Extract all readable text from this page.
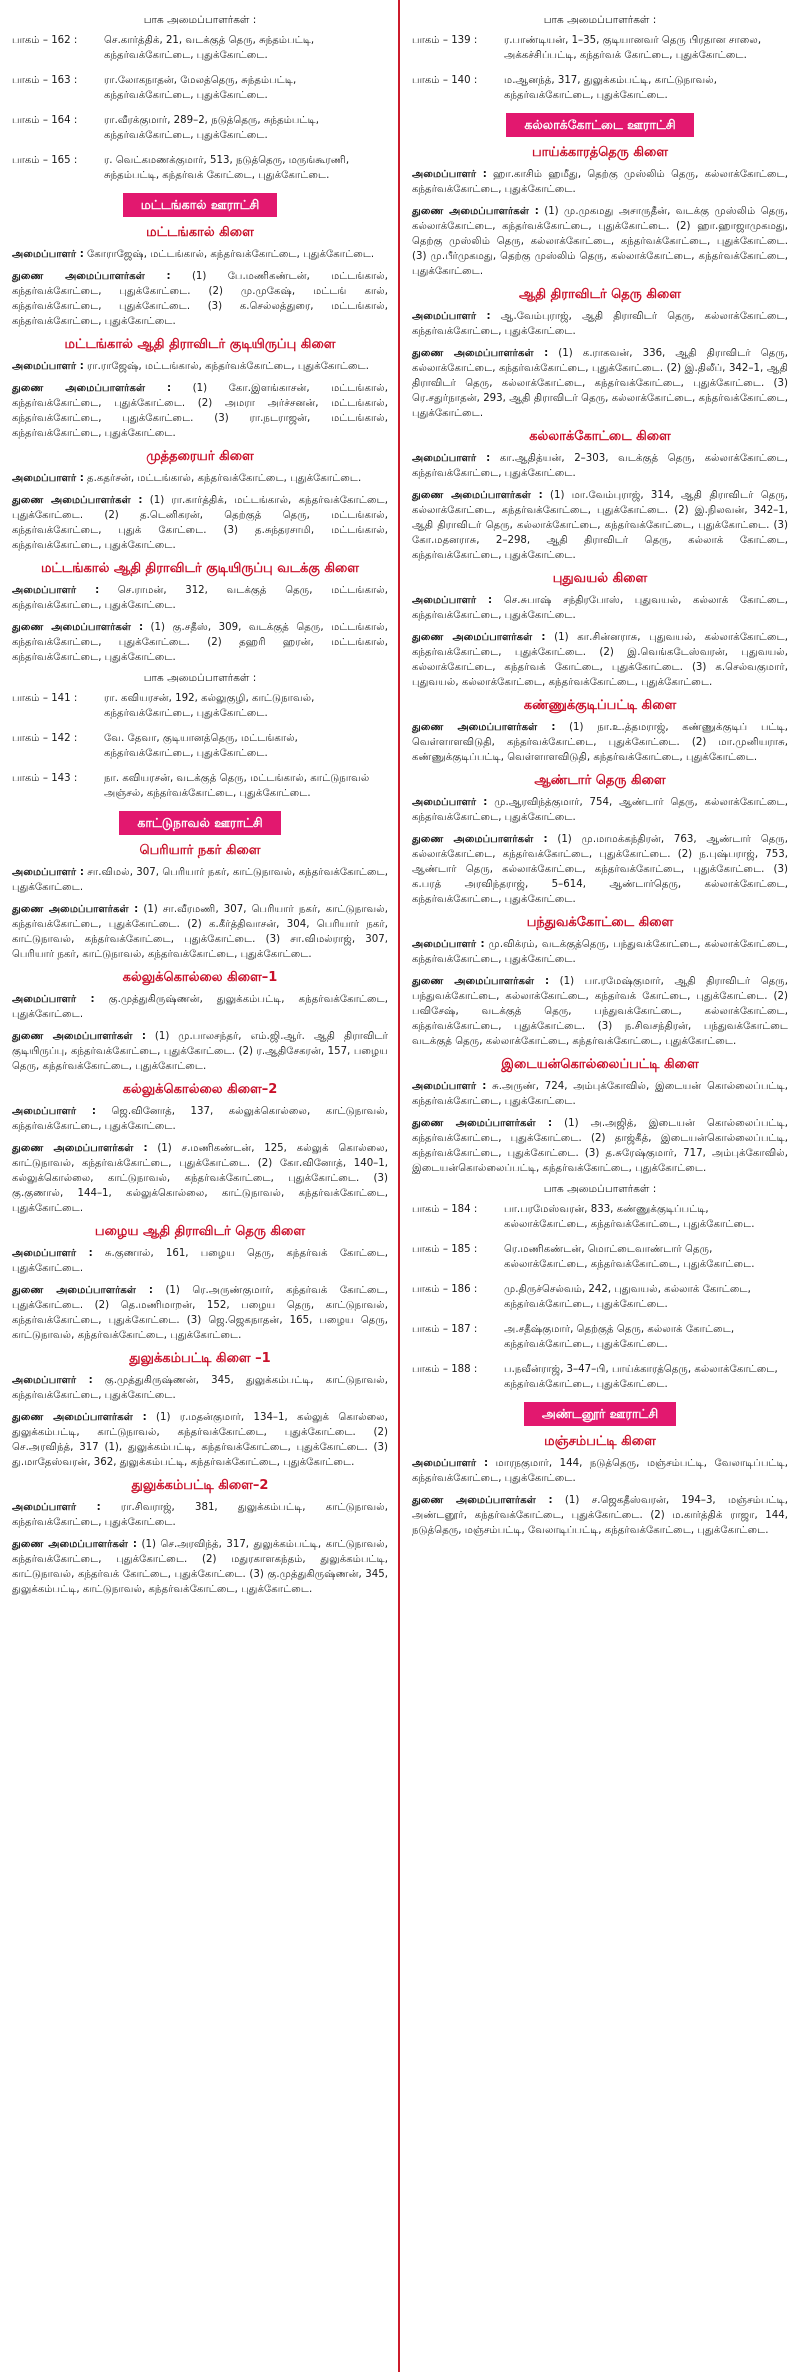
பாக அமைப்பாளர்கள் :
பாகம் – 162 :	செ.கார்த்திக், 21, வடக்குத் தெரு, சுந்தம்பட்டி, கந்தர்வக்கோட்டை, புதுக்கோட்டை.
பாகம் – 163 :	ரா.லோகநாதன், மேலத்தெரு, சுந்தம்பட்டி, கந்தர்வக்கோட்டை, புதுக்கோட்டை.
பாகம் – 164 :	ரா.வீரக்குமார், 289–2, நடுத்தெரு, சுந்தம்பட்டி, கந்தர்வக்கோட்டை, புதுக்கோட்டை.
பாகம் – 165 :	ர. வெட்கமணக்குமார், 513, நடுத்தெரு, மருங்கூரணி, சுந்தம்பட்டி, கந்தர்வக் கோட்டை, புதுக்கோட்டை.
மட்டங்கால் ஊராட்சி
மட்டங்கால் கிளை
அமைப்பாளர் : கோராஜேஷ், மட்டங்கால், கந்தர்வக்கோட்டை, புதுக்கோட்டை.
துணை அமைப்பாளர்கள் : (1) பே.மணிகண்டன், மட்டங்கால், கந்தர்வக்கோட்டை, புதுக்கோட்டை. (2) மு.முகேஷ், மட்டங் கால், கந்தர்வக்கோட்டை, புதுக்கோட்டை. (3) க.செல்லத்துரை, மட்டங்கால், கந்தர்வக்கோட்டை, புதுக்கோட்டை.
மட்டங்கால் ஆதி திராவிடர் குடியிருப்பு கிளை
அமைப்பாளர் : ரா.ராஜேஷ், மட்டங்கால், கந்தர்வக்கோட்டை, புதுக்கோட்டை.
துணை அமைப்பாளர்கள் : (1) கோ.இளங்காசன், மட்டங்கால், கந்தர்வக்கோட்டை, புதுக்கோட்டை. (2) அமரா அர்ச்சனன், மட்டங்கால், கந்தர்வக்கோட்டை, புதுக்கோட்டை. (3) ரா.நடராஜன், மட்டங்கால், கந்தர்வக்கோட்டை, புதுக்கோட்டை.
முத்தரையர் கிளை
அமைப்பாளர் : த.கதர்சன், மட்டங்கால், கந்தர்வக்கோட்டை, புதுக்கோட்டை.
துணை அமைப்பாளர்கள் : (1) ரா.கார்த்திக், மட்டங்கால், கந்தர்வக்கோட்டை, புதுக்கோட்டை. (2) த.டெனிகரன், தெற்குத் தெரு, மட்டங்கால், கந்தர்வக்கோட்டை, புதுக் கோட்டை. (3) த.சுந்தரசாமி, மட்டங்கால், கந்தர்வக்கோட்டை, புதுக்கோட்டை.
மட்டங்கால் ஆதி திராவிடர் குடியிருப்பு வடக்கு கிளை
அமைப்பாளர் : செ.ராமன், 312, வடக்குத் தெரு, மட்டங்கால், கந்தர்வக்கோட்டை, புதுக்கோட்டை.
துணை அமைப்பாளர்கள் : (1) கு.சதீஸ், 309, வடக்குத் தெரு, மட்டங்கால், கந்தர்வக்கோட்டை, புதுக்கோட்டை. (2) தஹரி ஹரன், மட்டங்கால், கந்தர்வக்கோட்டை, புதுக்கோட்டை.
பாக அமைப்பாளர்கள் :
பாகம் – 141 :	ரா. கவியரசன், 192, கல்லுகுழி, காட்டுநாவல், கந்தர்வக்கோட்டை, புதுக்கோட்டை.
பாகம் – 142 :	வே. தேவா, குடியானத்தெரு, மட்டங்கால், கந்தர்வக்கோட்டை, புதுக்கோட்டை.
பாகம் – 143 :	நா. கவியரசன், வடக்குத் தெரு, மட்டங்கால், காட்டுநாவல் அஞ்சல், கந்தர்வக்கோட்டை, புதுக்கோட்டை.
காட்டுநாவல் ஊராட்சி
பெரியார் நகர் கிளை
அமைப்பாளர் : சா.விமல், 307, பெரியார் நகர், காட்டுநாவல், கந்தர்வக்கோட்டை, புதுக்கோட்டை.
துணை அமைப்பாளர்கள் : (1) சா.வீரமணி, 307, பெரியார் நகர், காட்டுநாவல், கந்தர்வக்கோட்டை, புதுக்கோட்டை. (2) க.கீர்த்திவாசன், 304, பெரியார் நகர், காட்டுநாவல், கந்தர்வக்கோட்டை, புதுக்கோட்டை. (3) சா.விமல்ராஜ், 307, பெரியார் நகர், காட்டுநாவல், கந்தர்வக்கோட்டை, புதுக்கோட்டை.
கல்லுக்கொல்லை கிளை–1
அமைப்பாளர் : கு.முத்துகிருஷ்ணன், துலுக்கம்பட்டி, கந்தர்வக்கோட்டை, புதுக்கோட்டை.
துணை அமைப்பாளர்கள் : (1) மு.பாலசந்தர், எம்.ஜி.ஆர். ஆதி திராவிடர் குடியிருப்பு, கந்தர்வக்கோட்டை, புதுக்கோட்டை. (2) ர.ஆதிசேகரன், 157, பழைய தெரு, கந்தர்வக்கோட்டை, புதுக்கோட்டை.
கல்லுக்கொல்லை கிளை–2
அமைப்பாளர் : ஜெ.வினோத், 137, கல்லுக்கொல்லை, காட்டுநாவல், கந்தர்வக்கோட்டை, புதுக்கோட்டை.
துணை அமைப்பாளர்கள் : (1) ச.மணிகண்டன், 125, கல்லுக் கொல்லை, காட்டுநாவல், கந்தர்வக்கோட்டை, புதுக்கோட்டை. (2) கோ.வினோத், 140–1, கல்லுக்கொல்லை, காட்டுநாவல், கந்தர்வக்கோட்டை, புதுக்கோட்டை. (3) கு.குணால், 144–1, கல்லுக்கொல்லை, காட்டுநாவல், கந்தர்வக்கோட்டை, புதுக்கோட்டை.
பழைய ஆதி திராவிடர் தெரு கிளை
அமைப்பாளர் : சு.குணால், 161, பழைய தெரு, கந்தர்வக் கோட்டை, புதுக்கோட்டை.
துணை அமைப்பாளர்கள் : (1) ரெ.அருண்குமார், கந்தர்வக் கோட்டை, புதுக்கோட்டை. (2) தெ.மணிமாறன், 152, பழைய தெரு, காட்டுநாவல், கந்தர்வக்கோட்டை, புதுக்கோட்டை. (3) ஜெ.ஜெகநாதன், 165, பழைய தெரு, காட்டுநாவல், கந்தர்வக்கோட்டை, புதுக்கோட்டை.
துலுக்கம்பட்டி கிளை –1
அமைப்பாளர் : கு.முத்துகிருஷ்ணன், 345, துலுக்கம்பட்டி, காட்டுநாவல், கந்தர்வக்கோட்டை, புதுக்கோட்டை.
துணை அமைப்பாளர்கள் : (1) ர.மதன்குமார், 134–1, கல்லுக் கொல்லை, துலுக்கம்பட்டி, காட்டுநாவல், கந்தர்வக்கோட்டை, புதுக்கோட்டை. (2) செ.அரவிந்த், 317 (1), துலுக்கம்பட்டி, கந்தர்வக்கோட்டை, புதுக்கோட்டை. (3) து.மாதேஸ்வரன், 362, துலுக்கம்பட்டி, கந்தர்வக்கோட்டை, புதுக்கோட்டை.
துலுக்கம்பட்டி கிளை–2
அமைப்பாளர் : ரா.சிவராஜ், 381, துலுக்கம்பட்டி, காட்டுநாவல், கந்தர்வக்கோட்டை, புதுக்கோட்டை.
துணை அமைப்பாளர்கள் : (1) செ.அரவிந்த், 317, துலுக்கம்பட்டி, காட்டுநாவல், கந்தர்வக்கோட்டை, புதுக்கோட்டை. (2) மதுரகாளகந்தம், துலுக்கம்பட்டி, காட்டுநாவல், கந்தர்வக் கோட்டை, புதுக்கோட்டை. (3) கு.முத்துகிருஷ்ணன், 345, துலுக்கம்பட்டி, காட்டுநாவல், கந்தர்வக்கோட்டை, புதுக்கோட்டை.
பாக அமைப்பாளர்கள் :
பாகம் – 139 :	ர.பாண்டியன், 1–35, குடியானவர் தெரு பிரதான சாலை, அக்கச்சிப்பட்டி, கந்தர்வக் கோட்டை, புதுக்கோட்டை.
பாகம் – 140 :	ம.ஆனந்த், 317, துலுக்கம்பட்டி, காட்டுநாவல், கந்தர்வக்கோட்டை, புதுக்கோட்டை.
கல்லாக்கோட்டை ஊராட்சி
பாய்க்காரத்தெரு கிளை
அமைப்பாளர் : ஹா.காசிம் ஹமீது, தெற்கு முஸ்லிம் தெரு, கல்லாக்கோட்டை, கந்தர்வக்கோட்டை, புதுக்கோட்டை.
துணை அமைப்பாளர்கள் : (1) மு.முகமது அசாருதீன், வடக்கு முஸ்லிம் தெரு, கல்லாக்கோட்டை, கந்தர்வக்கோட்டை, புதுக்கோட்டை. (2) ஹா.ஹாஜாமுகமது, தெற்கு முஸ்லிம் தெரு, கல்லாக்கோட்டை, கந்தர்வக்கோட்டை, புதுக்கோட்டை. (3) மு.பீர்முகமது, தெற்கு முஸ்லிம் தெரு, கல்லாக்கோட்டை, கந்தர்வக்கோட்டை, புதுக்கோட்டை.
ஆதி திராவிடர் தெரு கிளை
அமைப்பாளர் : ஆ.வேம்புராஜ், ஆதி திராவிடர் தெரு, கல்லாக்கோட்டை, கந்தர்வக்கோட்டை, புதுக்கோட்டை.
துணை அமைப்பாளர்கள் : (1) க.ராகவன், 336, ஆதி திராவிடர் தெரு, கல்லாக்கோட்டை, கந்தர்வக்கோட்டை, புதுக்கோட்டை. (2) இ.திலீப், 342–1, ஆதி திராவிடர் தெரு, கல்லாக்கோட்டை, கந்தர்வக்கோட்டை, புதுக்கோட்டை. (3) ரெ.சதுர்நாதன், 293, ஆதி திராவிடர் தெரு, கல்லாக்கோட்டை, கந்தர்வக்கோட்டை, புதுக்கோட்டை.
கல்லாக்கோட்டை கிளை
அமைப்பாளர் : கா.ஆதித்யன், 2–303, வடக்குத் தெரு, கல்லாக்கோட்டை, கந்தர்வக்கோட்டை, புதுக்கோட்டை.
துணை அமைப்பாளர்கள் : (1) மா.வேம்புராஜ், 314, ஆதி திராவிடர் தெரு, கல்லாக்கோட்டை, கந்தர்வக்கோட்டை, புதுக்கோட்டை. (2) இ.நிலவன், 342–1, ஆதி திராவிடர் தெரு, கல்லாக்கோட்டை, கந்தர்வக்கோட்டை, புதுக்கோட்டை. (3) கோ.மதனராசு, 2–298, ஆதி திராவிடர் தெரு, கல்லாக் கோட்டை, கந்தர்வக்கோட்டை, புதுக்கோட்டை.
புதுவயல் கிளை
அமைப்பாளர் : செ.சுபாஷ் சந்திரபோஸ், புதுவயல், கல்லாக் கோட்டை, கந்தர்வக்கோட்டை, புதுக்கோட்டை.
துணை அமைப்பாளர்கள் : (1) கா.சின்னராசு, புதுவயல், கல்லாக்கோட்டை, கந்தர்வக்கோட்டை, புதுக்கோட்டை. (2) இ.வெங்கடேஸ்வரன், புதுவயல், கல்லாக்கோட்டை, கந்தர்வக் கோட்டை, புதுக்கோட்டை. (3) க.செல்வகுமார், புதுவயல், கல்லாக்கோட்டை, கந்தர்வக்கோட்டை, புதுக்கோட்டை.
கண்ணுக்குடிப்பட்டி கிளை
துணை அமைப்பாளர்கள் : (1) நா.உ.த்தமராஜ், கண்ணுக்குடிப் பட்டி, வெள்ளாளவிடுதி, கந்தர்வக்கோட்டை, புதுக்கோட்டை. (2) மா.முனியராசு, கண்ணுக்குடிப்பட்டி, வெள்ளாளவிடுதி, கந்தர்வக்கோட்டை, புதுக்கோட்டை.
ஆண்டார் தெரு கிளை
அமைப்பாளர் : மு.ஆரவிந்த்குமார், 754, ஆண்டார் தெரு, கல்லாக்கோட்டை, கந்தர்வக்கோட்டை, புதுக்கோட்டை.
துணை அமைப்பாளர்கள் : (1) மு.மாமக்கந்திரன், 763, ஆண்டார் தெரு, கல்லாக்கோட்டை, கந்தர்வக்கோட்டை, புதுக்கோட்டை. (2) ந.புஷ்பராஜ், 753, ஆண்டார் தெரு, கல்லாக்கோட்டை, கந்தர்வக்கோட்டை, புதுக்கோட்டை. (3) க.பரத் அரவிந்தராஜ், 5–614, ஆண்டார்தெரு, கல்லாக்கோட்டை, கந்தர்வக்கோட்டை, புதுக்கோட்டை.
பந்துவக்கோட்டை கிளை
அமைப்பாளர் : மு.விக்ரம், வடக்குத்தெரு, பந்துவக்கோட்டை, கல்லாக்கோட்டை, கந்தர்வக்கோட்டை, புதுக்கோட்டை.
துணை அமைப்பாளர்கள் : (1) பா.ரமேஷ்குமார், ஆதி திராவிடர் தெரு, பந்துவக்கோட்டை, கல்லாக்கோட்டை, கந்தர்வக் கோட்டை, புதுக்கோட்டை. (2) பவிசேஷ், வடக்குத் தெரு, பந்துவக்கோட்டை, கல்லாக்கோட்டை, கந்தர்வக்கோட்டை, புதுக்கோட்டை. (3) ந.சிவசந்திரன், பந்துவக்கோட்டை வடக்குத் தெரு, கல்லாக்கோட்டை, கந்தர்வக்கோட்டை, புதுக்கோட்டை.
இடையன்கொல்லைப்பட்டி கிளை
அமைப்பாளர் : சு.அருண், 724, அம்புக்கோவில், இடையன் கொல்லைப்பட்டி, கந்தர்வக்கோட்டை, புதுக்கோட்டை.
துணை அமைப்பாளர்கள் : (1) அ.அஜித், இடையன் கொல்லைப்பட்டி, கந்தர்வக்கோட்டை, புதுக்கோட்டை. (2) தாஜ்கீத், இடையன்கொல்லைப்பட்டி, கந்தர்வக்கோட்டை, புதுக்கோட்டை. (3) த.சுரேஷ்குமார், 717, அம்புக்கோவில், இடையன்கொல்லைப்பட்டி, கந்தர்வக்கோட்டை, புதுக்கோட்டை.
பாக அமைப்பாளர்கள் :
பாகம் – 184 :	பா.பரமேஸ்வரன், 833, கண்ணுக்குடிப்பட்டி, கல்லாக்கோட்டை, கந்தர்வக்கோட்டை, புதுக்கோட்டை.
பாகம் – 185 :	ரெ.மணிகண்டன், மொட்டைவாண்டார் தெரு, கல்லாக்கோட்டை, கந்தர்வக்கோட்டை, புதுக்கோட்டை.
பாகம் – 186 :	மு.திருச்செல்வம், 242, புதுவயல், கல்லாக் கோட்டை, கந்தர்வக்கோட்டை, புதுக்கோட்டை.
பாகம் – 187 :	அ.சதீஷ்குமார், தெற்குத் தெரு, கல்லாக் கோட்டை, கந்தர்வக்கோட்டை, புதுக்கோட்டை.
பாகம் – 188 :	ப.நவீன்ராஜ், 3–47–பி, பாய்க்காரத்தெரு, கல்லாக்கோட்டை, கந்தர்வக்கோட்டை, புதுக்கோட்டை.
அண்டனூர் ஊராட்சி
மஞ்சம்பட்டி கிளை
அமைப்பாளர் : மாரநகுமார், 144, நடுத்தெரு, மஞ்சம்பட்டி, வேலாடிப்பட்டி, கந்தர்வக்கோட்டை, புதுக்கோட்டை.
துணை அமைப்பாளர்கள் : (1) ச.ஜெகதீஸ்வரன், 194–3, மஞ்சம்பட்டி, அண்டனூர், கந்தர்வக்கோட்டை, புதுக்கோட்டை. (2) ம.கார்த்திக் ராஜா, 144, நடுத்தெரு, மஞ்சம்பட்டி, வேலாடிப்பட்டி, கந்தர்வக்கோட்டை, புதுக்கோட்டை.
